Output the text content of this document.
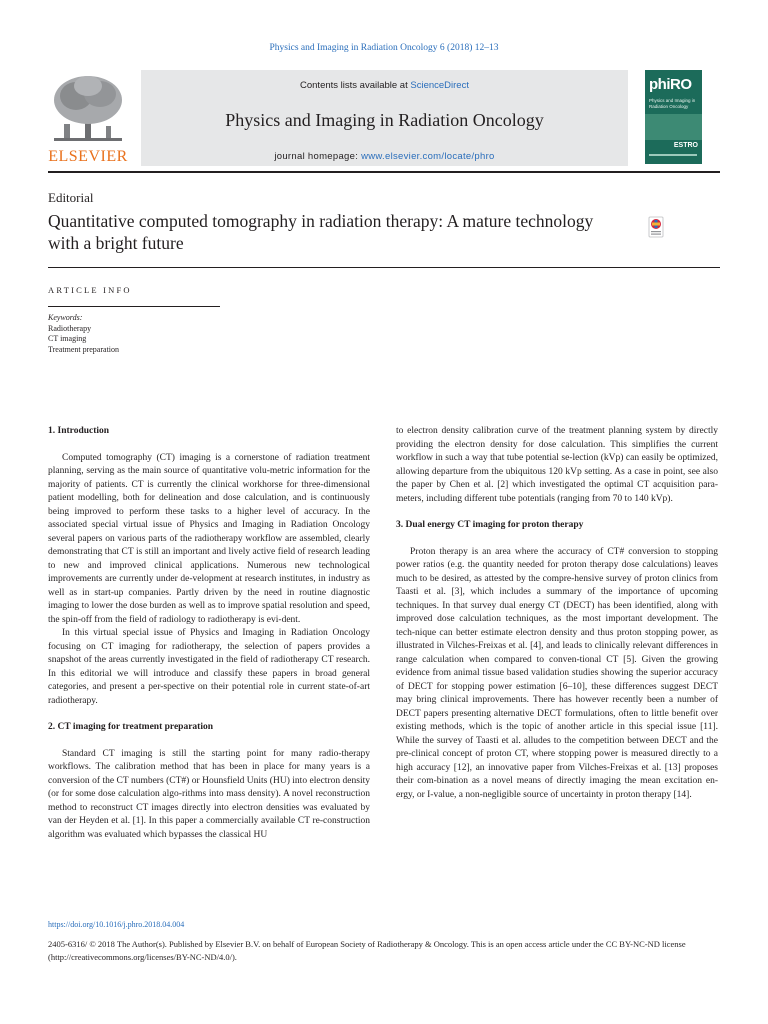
Physics and Imaging in Radiation Oncology 6 (2018) 12–13
ELSEVIER
Contents lists available at ScienceDirect
Physics and Imaging in Radiation Oncology
journal homepage: www.elsevier.com/locate/phro
phiRO
Physics and Imaging in Radiation Oncology
ESTRO
Editorial
Quantitative computed tomography in radiation therapy: A mature technology with a bright future
ARTICLE INFO
Keywords:
Radiotherapy
CT imaging
Treatment preparation
1. Introduction

Computed tomography (CT) imaging is a cornerstone of radiation treatment planning, serving as the main source of quantitative volu-metric information for the majority of patients. CT is currently the clinical workhorse for three-dimensional patient modelling, both for delineation and dose calculation, and is continuously being improved to perform these tasks to a higher level of accuracy. In the associated special virtual issue of Physics and Imaging in Radiation Oncology several papers on various parts of the radiotherapy workflow are assembled, clearly demonstrating that CT is still an important and lively active field of research leading to new and improved clinical applications. Numerous new technological improvements are currently under de-velopment at research institutes, in industry as well as in start-up companies. Partly driven by the need in routine diagnostic imaging to lower the dose burden as well as to improve spatial resolution and speed, the spin-off from the field of radiology to radiotherapy is evi-dent.

In this virtual special issue of Physics and Imaging in Radiation Oncology focusing on CT imaging for radiotherapy, the selection of papers provides a snapshot of the areas currently investigated in the field of radiotherapy CT research. In this editorial we will introduce and classify these papers in broad general categories, and present a per-spective on their potential role in current state-of-art radiotherapy.

2. CT imaging for treatment preparation

Standard CT imaging is still the starting point for many radio-therapy workflows. The calibration method that has been in place for many years is a conversion of the CT numbers (CT#) or Hounsfield Units (HU) into electron density (or for some dose calculation algo-rithms into mass density). A novel reconstruction method to reconstruct CT images directly into electron densities was evaluated by van der Heyden et al. [1]. In this paper a commercially available CT re-construction algorithm was evaluated which bypasses the classical HU

to electron density calibration curve of the treatment planning system by directly providing the electron density for dose calculation. This simplifies the current workflow in such a way that tube potential se-lection (kVp) can easily be optimized, allowing departure from the ubiquitous 120 kVp setting. As a case in point, see also the paper by Chen et al. [2] which investigated the optimal CT acquisition para-meters, including different tube potentials (ranging from 70 to 140 kVp).

3. Dual energy CT imaging for proton therapy

Proton therapy is an area where the accuracy of CT# conversion to stopping power ratios (e.g. the quantity needed for proton therapy dose calculations) leaves much to be desired, as attested by the compre-hensive survey of proton clinics from Taasti et al. [3], which includes a summary of the importance of upcoming techniques. In that survey dual energy CT (DECT) has been identified, along with improved dose calculation techniques, as the most important development. The tech-nique can better estimate electron density and thus proton stopping power, as illustrated in Vilches-Freixas et al. [4], and leads to clinically relevant differences in range calculation when compared to conven-tional CT [5]. Given the growing evidence from animal tissue based validation studies showing the superior accuracy of DECT for stopping power estimation [6–10], these differences suggest DECT may bring clinical improvements. There has however recently been a number of DECT papers presenting alternative DECT formulations, often to little benefit over existing methods, which is the topic of another article in this special issue [11]. While the survey of Taasti et al. alludes to the competition between DECT and the pre-clinical concept of proton CT, where stopping power is measured directly to a high accuracy [12], an innovative paper from Vilches-Freixas et al. [13] proposes their com-bination as a novel means of directly imaging the mean excitation en-ergy, or I-value, a non-negligible source of uncertainty in proton therapy [14].

https://doi.org/10.1016/j.phro.2018.04.004
2405-6316/ © 2018 The Author(s). Published by Elsevier B.V. on behalf of European Society of Radiotherapy & Oncology. This is an open access article under the CC BY-NC-ND license (http://creativecommons.org/licenses/BY-NC-ND/4.0/).
